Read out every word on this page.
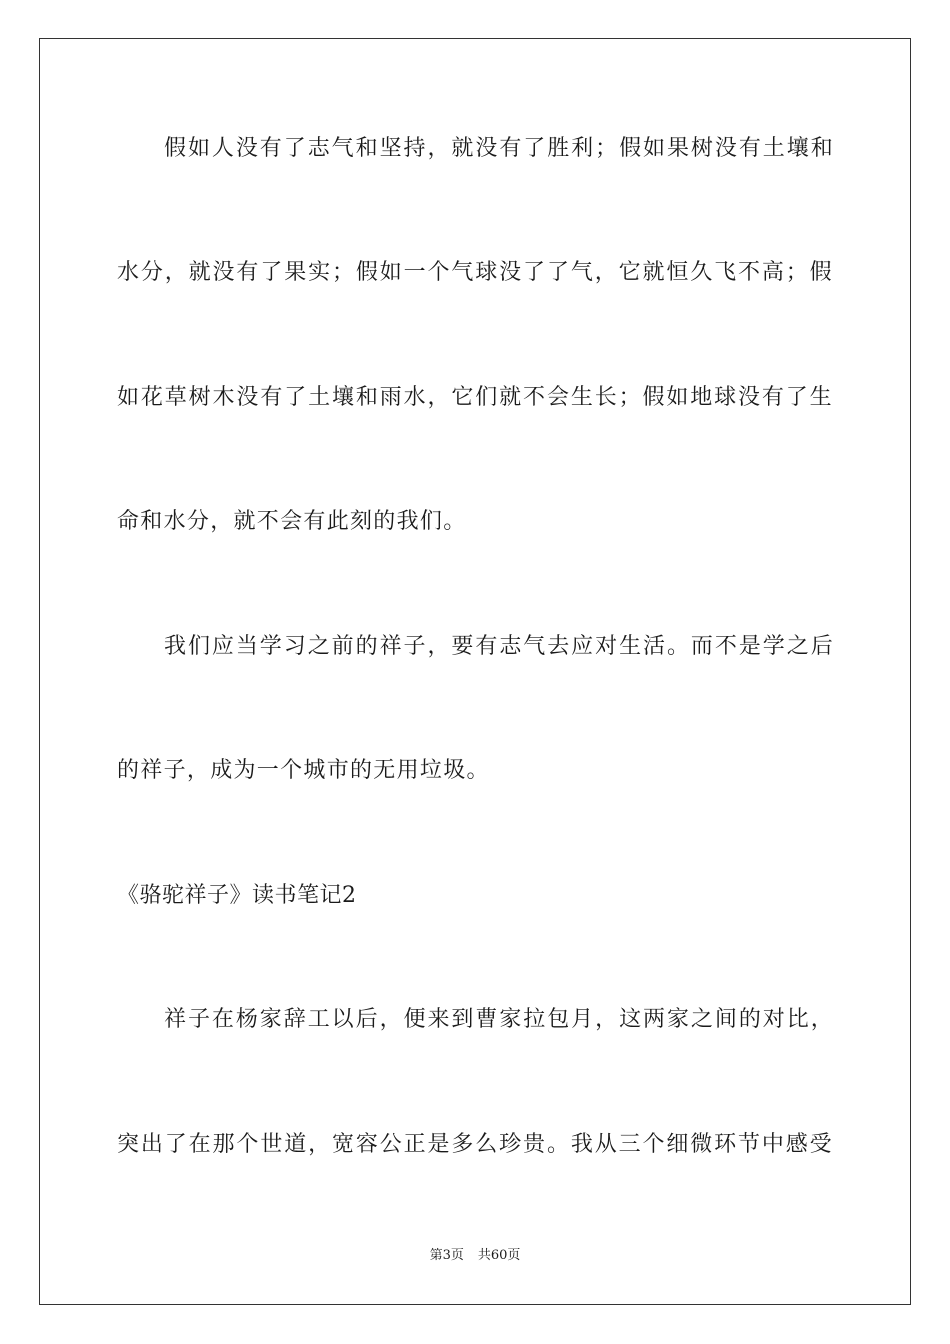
假如人没有了志气和坚持，就没有了胜利；假如果树没有土壤和
水分，就没有了果实；假如一个气球没了了气，它就恒久飞不高；假
如花草树木没有了土壤和雨水，它们就不会生长；假如地球没有了生
命和水分，就不会有此刻的我们。
我们应当学习之前的祥子，要有志气去应对生活。而不是学之后
的祥子，成为一个城市的无用垃圾。
《骆驼祥子》读书笔记2
祥子在杨家辞工以后，便来到曹家拉包月，这两家之间的对比，
突出了在那个世道，宽容公正是多么珍贵。我从三个细微环节中感受
第3页 共60页
